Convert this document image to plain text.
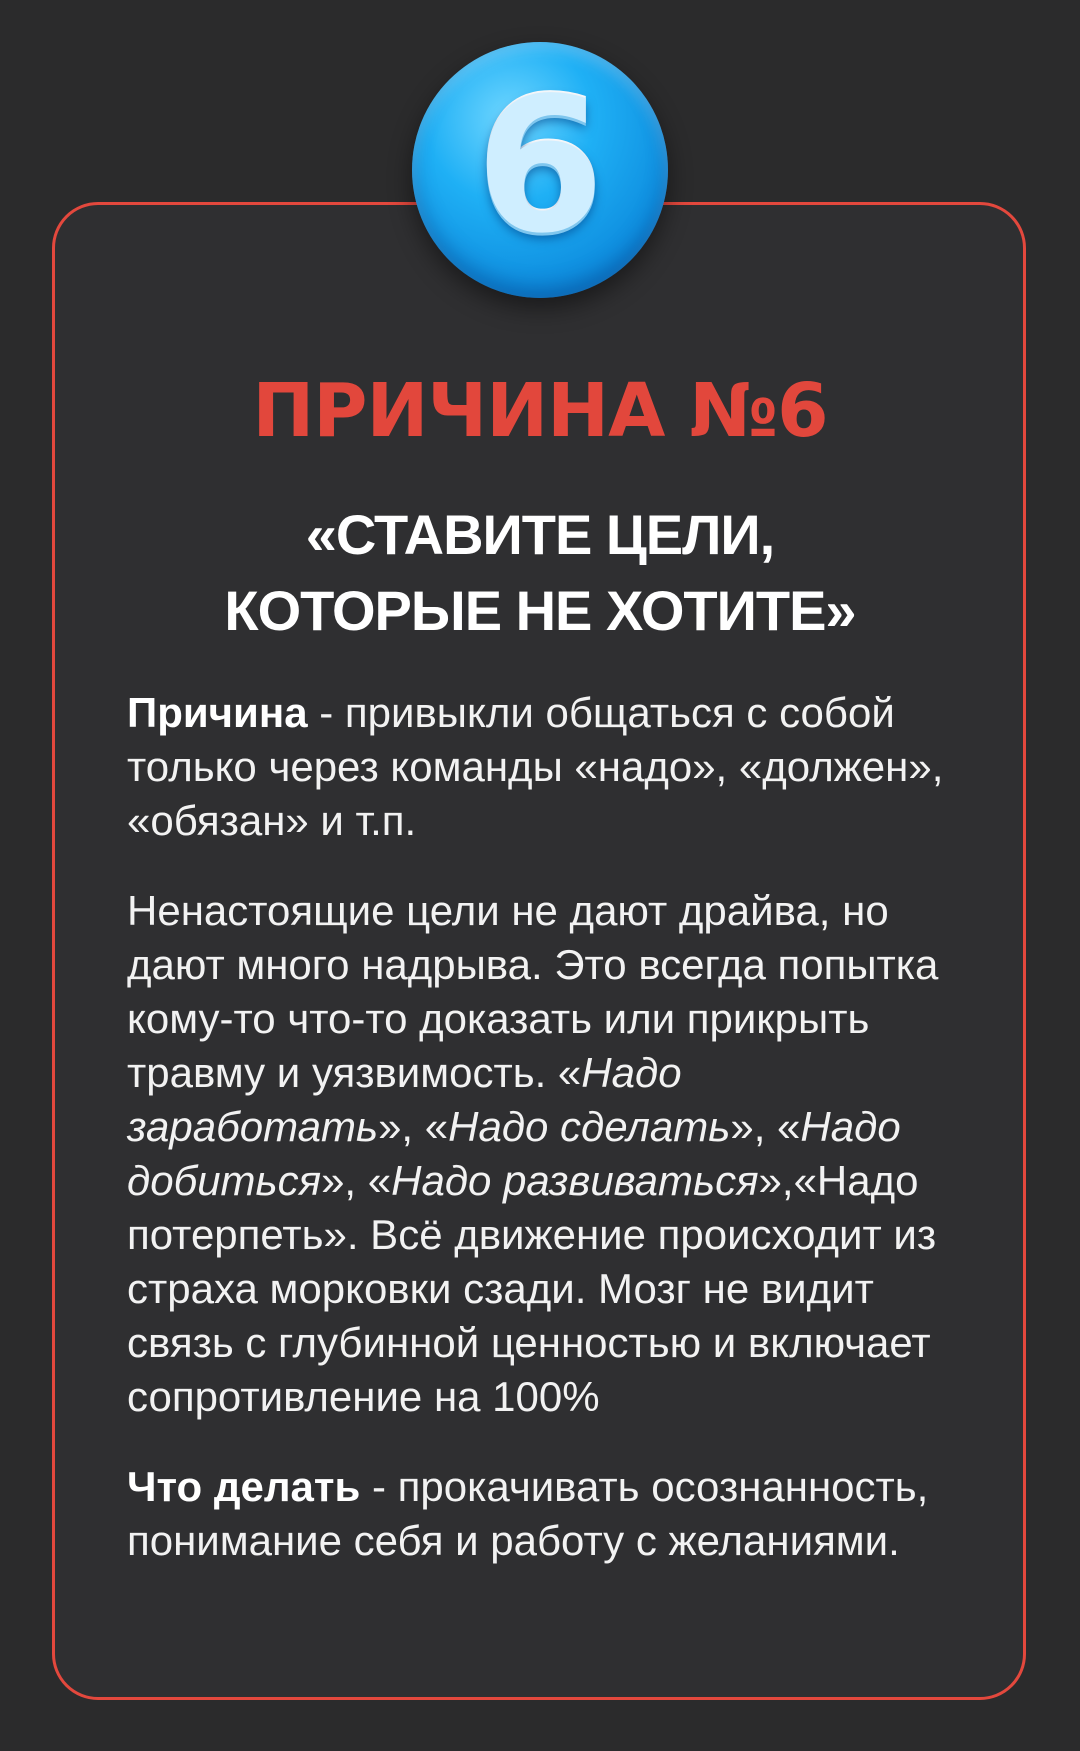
6
ПРИЧИНА №6
«СТАВИТЕ ЦЕЛИ,
КОТОРЫЕ НЕ ХОТИТЕ»

Причина - привыкли общаться с собой только через команды «надо», «должен», «обязан» и т.п.

Ненастоящие цели не дают драйва, но дают много надрыва. Это всегда попытка кому-то что-то доказать или прикрыть травму и уязвимость. «Надо заработать», «Надо сделать», «Надо добиться», «Надо развиваться»,«Надо потерпеть». Всё движение происходит из страха морковки сзади. Мозг не видит связь с глубинной ценностью и включает сопротивление на 100%

Что делать - прокачивать осознанность, понимание себя и работу с желаниями.
